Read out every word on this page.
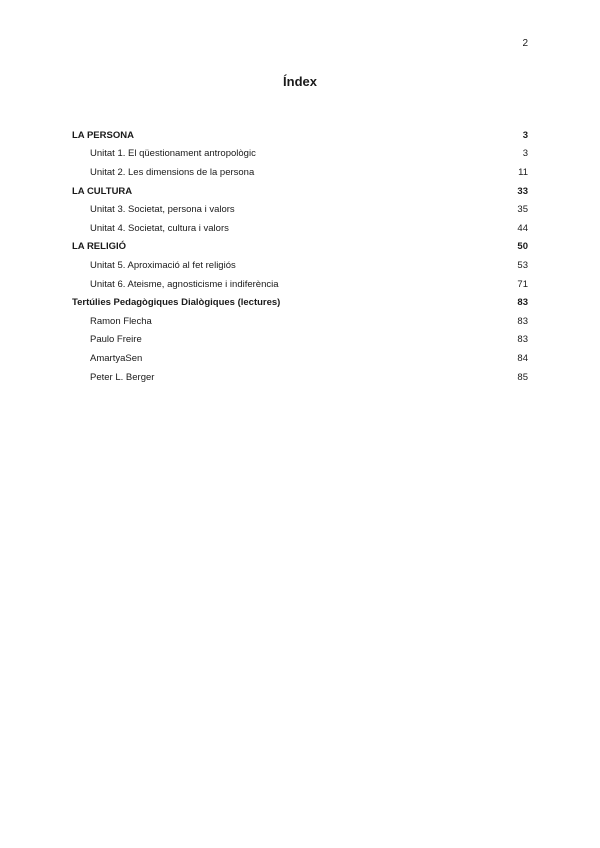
2
Índex
LA PERSONA	3
Unitat 1. El qüestionament antropològic	3
Unitat 2. Les dimensions de la persona	11
LA CULTURA	33
Unitat 3. Societat, persona i valors	35
Unitat 4. Societat, cultura i valors	44
LA RELIGIÓ	50
Unitat 5. Aproximació al fet religiós	53
Unitat 6. Ateisme, agnosticisme i indiferència	71
Tertúlies Pedagògiques Dialògiques (lectures)	83
Ramon Flecha	83
Paulo Freire	83
AmartyaSen	84
Peter L. Berger	85
